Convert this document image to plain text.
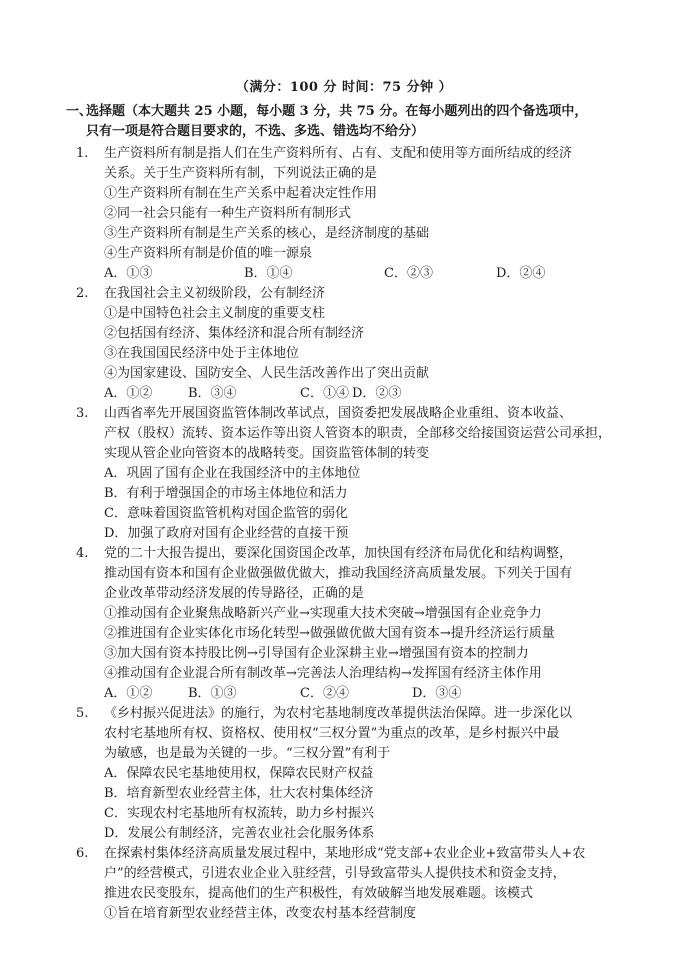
（满分：100 分 时间：75 分钟 ）
一、
选择题（本大题共 25 小题，每小题 3 分，共 75 分。在每小题列出的四个备选项中，
只有一项是符合题目要求的，不选、多选、错选均不给分）
1. 生产资料所有制是指人们在生产资料所有、占有、支配和使用等方面所结成的经济
关系。关于生产资料所有制，下列说法正确的是
①生产资料所有制在生产关系中起着决定性作用
②同一社会只能有一种生产资料所有制形式
③生产资料所有制是生产关系的核心，是经济制度的基础
④生产资料所有制是价值的唯一源泉
A．①③	B．①④	C．②③	D．②④
2. 在我国社会主义初级阶段，公有制经济
①是中国特色社会主义制度的重要支柱
②包括国有经济、集体经济和混合所有制经济
③在我国国民经济中处于主体地位
④为国家建设、国防安全、人民生活改善作出了突出贡献
A．①②	B．③④	C．①④ D．②③
3. 山西省率先开展国资监管体制改革试点，国资委把发展战略企业重组、资本收益、
产权（股权）流转、资本运作等出资人管资本的职责，全部移交给接国资运营公司承担，
实现从管企业向管资本的战略转变。国资监管体制的转变
A．巩固了国有企业在我国经济中的主体地位
B．有利于增强国企的市场主体地位和活力
C．意味着国资监管机构对国企监管的弱化
D．加强了政府对国有企业经营的直接干预
4. 党的二十大报告提出，要深化国资国企改革，加快国有经济布局优化和结构调整，
推动国有资本和国有企业做强做优做大，推动我国经济高质量发展。下列关于国有
企业改革带动经济发展的传导路径，正确的是
①推动国有企业聚焦战略新兴产业→实现重大技术突破→增强国有企业竞争力
②推进国有企业实体化市场化转型→做强做优做大国有资本→提升经济运行质量
③加大国有资本持股比例→引导国有企业深耕主业→增强国有资本的控制力
④推动国有企业混合所有制改革→完善法人治理结构→发挥国有经济主体作用
A．①②	B．①③	C．②④	D．③④
5. 《乡村振兴促进法》的施行，为农村宅基地制度改革提供法治保障。进一步深化以
农村宅基地所有权、资格权、使用权“三权分置”为重点的改革，是乡村振兴中最
为敏感，也是最为关键的一步。“三权分置”有利于
A．保障农民宅基地使用权，保障农民财产权益
B．培育新型农业经营主体，壮大农村集体经济
C．实现农村宅基地所有权流转，助力乡村振兴
D．发展公有制经济，完善农业社会化服务体系
6. 在探索村集体经济高质量发展过程中，某地形成“党支部+农业企业+致富带头人+农
户”的经营模式，引进农业企业入驻经营，引导致富带头人提供技术和资金支持，
推进农民变股东，提高他们的生产积极性，有效破解当地发展难题。该模式
①旨在培育新型农业经营主体，改变农村基本经营制度
